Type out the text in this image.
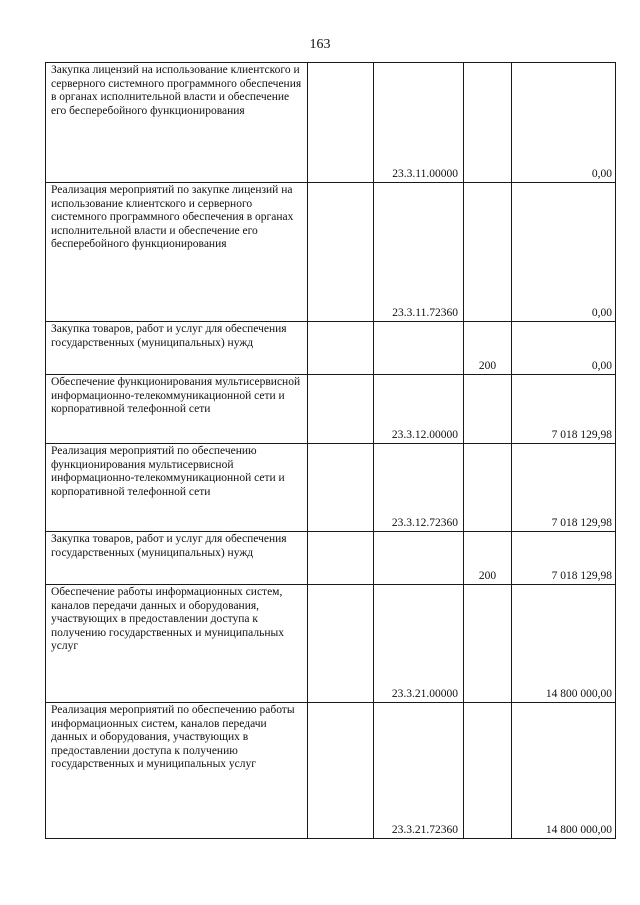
163
Закупка лицензий на использование клиентского и серверного системного программного обеспечения в органах исполнительной власти и обеспечение его бесперебойного функционирования		23.3.11.00000		0,00
Реализация мероприятий по закупке лицензий на использование клиентского и серверного системного программного обеспечения в органах исполнительной власти и обеспечение его бесперебойного функционирования		23.3.11.72360		0,00
Закупка товаров, работ и услуг для обеспечения государственных (муниципальных) нужд			200	0,00
Обеспечение функционирования мультисервисной информационно-телекоммуникационной сети и корпоративной телефонной сети		23.3.12.00000		7 018 129,98
Реализация мероприятий по обеспечению функционирования мультисервисной информационно-телекоммуникационной сети и корпоративной телефонной сети		23.3.12.72360		7 018 129,98
Закупка товаров, работ и услуг для обеспечения государственных (муниципальных) нужд			200	7 018 129,98
Обеспечение работы информационных систем, каналов передачи данных и оборудования, участвующих в предоставлении доступа к получению государственных и муниципальных услуг		23.3.21.00000		14 800 000,00
Реализация мероприятий по обеспечению работы информационных систем, каналов передачи данных и оборудования, участвующих в предоставлении доступа к получению государственных и муниципальных услуг		23.3.21.72360		14 800 000,00
